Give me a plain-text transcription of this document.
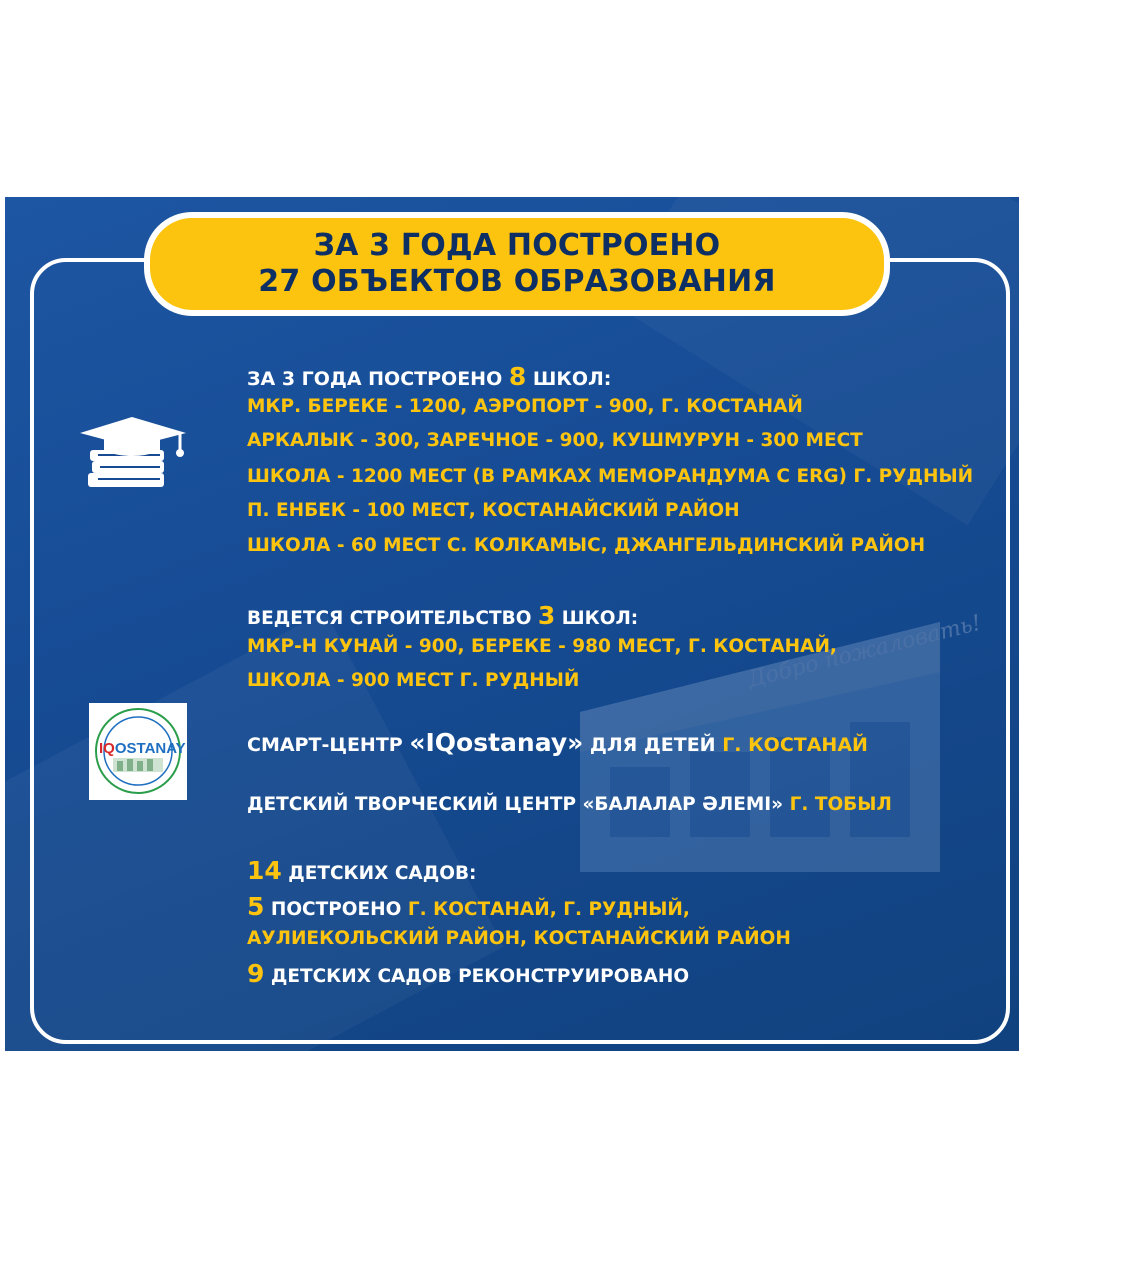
Добро пожаловать!
ЗА 3 ГОДА ПОСТРОЕНО
27 ОБЪЕКТОВ ОБРАЗОВАНИЯ
ЗА 3 ГОДА ПОСТРОЕНО 8 ШКОЛ:
МКР. БЕРЕКЕ - 1200, АЭРОПОРТ - 900, Г. КОСТАНАЙ
АРКАЛЫК - 300, ЗАРЕЧНОЕ - 900, КУШМУРУН - 300 МЕСТ
ШКОЛА - 1200 МЕСТ (В РАМКАХ МЕМОРАНДУМА С ERG) Г. РУДНЫЙ
П. ЕНБЕК - 100 МЕСТ, КОСТАНАЙСКИЙ РАЙОН
ШКОЛА - 60 МЕСТ С. КОЛКАМЫС, ДЖАНГЕЛЬДИНСКИЙ РАЙОН
ВЕДЕТСЯ СТРОИТЕЛЬСТВО 3 ШКОЛ:
МКР-Н КУНАЙ - 900, БЕРЕКЕ - 980 МЕСТ, Г. КОСТАНАЙ,
ШКОЛА - 900 МЕСТ Г. РУДНЫЙ
IQOSTANAY	СМАРТ-ЦЕНТР «IQostanay» ДЛЯ ДЕТЕЙ Г. КОСТАНАЙ
ДЕТСКИЙ ТВОРЧЕСКИЙ ЦЕНТР «БАЛАЛАР ӘЛЕМІ» Г. ТОБЫЛ
14 ДЕТСКИХ САДОВ:
5 ПОСТРОЕНО Г. КОСТАНАЙ, Г. РУДНЫЙ,
АУЛИЕКОЛЬСКИЙ РАЙОН, КОСТАНАЙСКИЙ РАЙОН
9 ДЕТСКИХ САДОВ РЕКОНСТРУИРОВАНО
